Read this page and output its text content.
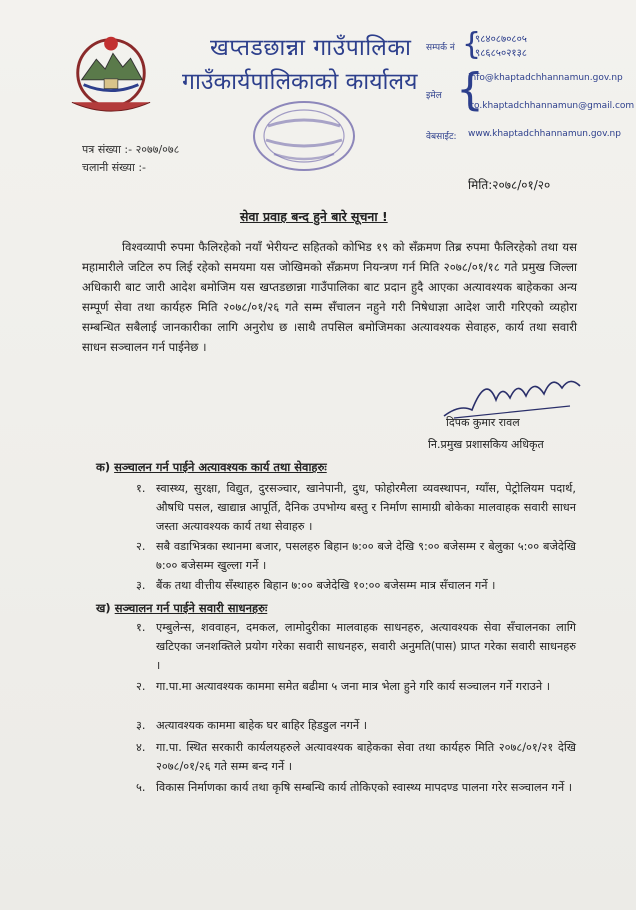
खप्तडछान्ना गाउँपालिका
गाउँकार्यपालिकाको कार्यालय
सम्पर्क नं {
९८४०८७०८०५
९८६८५०२१३८
इमेल {
info@khaptadchhannamun.gov.np
ito.khaptadchhannamun@gmail.com
वेबसाईट: www.khaptadchhannamun.gov.np
पत्र संख्या :- २०७७/०७८
चलानी संख्या :-
मिति:२०७८/०१/२०
सेवा प्रवाह बन्द हुने बारे सूचना !
विश्वव्यापी रुपमा फैलिरहेको नयाँ भेरीयन्ट सहितको कोभिड १९ को सँक्रमण तिब्र रुपमा फैलिरहेको तथा यस महामारीले जटिल रुप लिई रहेको समयमा यस जोखिमको सँक्रमण नियन्त्रण गर्न मिति २०७८/०१/१८ गते प्रमुख जिल्ला अधिकारी बाट जारी आदेश बमोजिम यस खप्तडछान्ना गाउँपालिका बाट प्रदान हुदै आएका अत्यावश्यक बाहेकका अन्य सम्पूर्ण सेवा तथा कार्यहरु मिति २०७८/०१/२६ गते सम्म सँचालन नहुने गरी निषेधाज्ञा आदेश जारी गरिएको व्यहोरा सम्बन्धित सबैलाई जानकारीका लागि अनुरोध छ ।साथै तपसिल बमोजिमका अत्यावश्यक सेवाहरु, कार्य तथा सवारी साधन सञ्चालन गर्न पाईनेछ ।
दिपक कुमार रावल
नि.प्रमुख प्रशासकिय अधिकृत
क) सञ्चालन गर्न पाईने अत्यावश्यक कार्य तथा सेवाहरुः
१. स्वास्थ्य, सुरक्षा, विद्युत, दुरसञ्चार, खानेपानी, दुध, फोहोरमैला व्यवस्थापन, ग्याँस, पेट्रोलियम पदार्थ, औषधि पसल, खाद्यान्न आपूर्ति, दैनिक उपभोग्य बस्तु र निर्माण सामाग्री बोकेका मालवाहक सवारी साधन जस्ता अत्यावश्यक कार्य तथा सेवाहरु ।
२. सबै वडाभित्रका स्थानमा बजार, पसलहरु बिहान ७:०० बजे देखि ९:०० बजेसम्म र बेलुका ५:०० बजेदेखि ७:०० बजेसम्म खुल्ला गर्ने ।
३. बैंक तथा वीत्तीय सँस्थाहरु बिहान ७:०० बजेदेखि १०:०० बजेसम्म मात्र सँचालन गर्ने ।
ख) सञ्चालन गर्न पाईने सवारी साधनहरुः
१. एम्बुलेन्स, शववाहन, दमकल, लामोदुरीका मालवाहक साधनहरु, अत्यावश्यक सेवा सँचालनका लागि खटिएका जनशक्तिले प्रयोग गरेका सवारी साधनहरु, सवारी अनुमति(पास) प्राप्त गरेका सवारी साधनहरु ।
२. गा.पा.मा अत्यावश्यक काममा समेत बढीमा ५ जना मात्र भेला हुने गरि कार्य सञ्चालन गर्ने गराउने ।
३. अत्यावश्यक काममा बाहेक घर बाहिर हिडडुल नगर्ने ।
४. गा.पा. स्थित सरकारी कार्यलयहरुले अत्यावश्यक बाहेकका सेवा तथा कार्यहरु मिति २०७८/०१/२१ देखि २०७८/०१/२६ गते सम्म बन्द गर्ने ।
५. विकास निर्माणका कार्य तथा कृषि सम्बन्धि कार्य तोकिएको स्वास्थ्य मापदण्ड पालना गरेर सञ्चालन गर्ने ।
